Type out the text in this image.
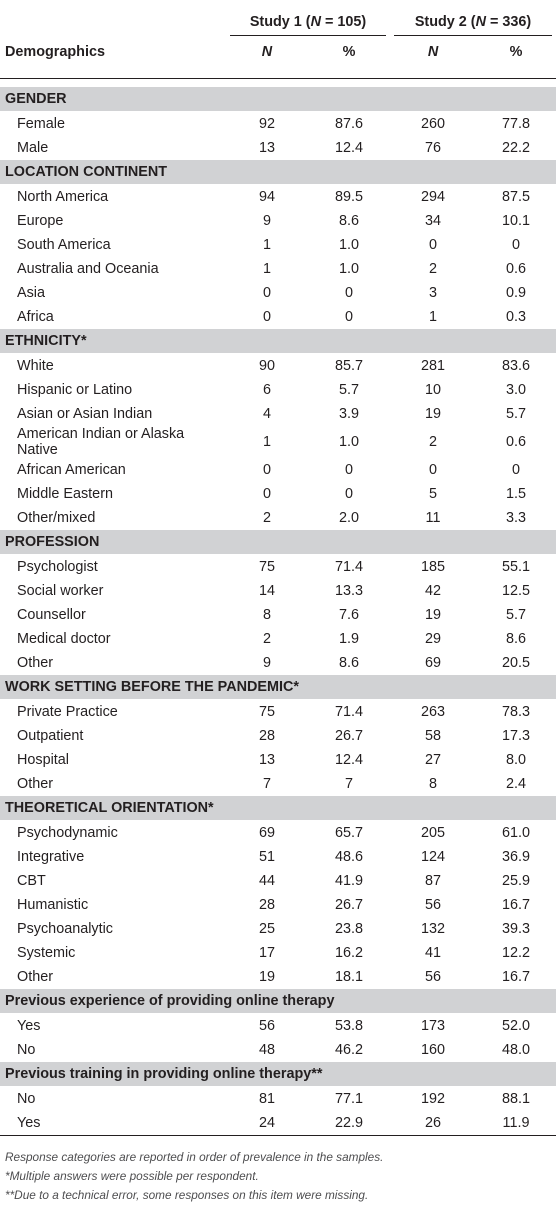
	Study 1 (N = 105)		Study 2 (N = 336)	

Demographics	N	%	N	%

GENDER				
Female	92	87.6	260	77.8
Male	13	12.4	76	22.2
LOCATION CONTINENT				
North America	94	89.5	294	87.5
Europe	9	8.6	34	10.1
South America	1	1.0	0	0
Australia and Oceania	1	1.0	2	0.6
Asia	0	0	3	0.9
Africa	0	0	1	0.3
ETHNICITY*				
White	90	85.7	281	83.6
Hispanic or Latino	6	5.7	10	3.0
Asian or Asian Indian	4	3.9	19	5.7
American Indian or Alaska Native	1	1.0	2	0.6
African American	0	0	0	0
Middle Eastern	0	0	5	1.5
Other/mixed	2	2.0	11	3.3
PROFESSION				
Psychologist	75	71.4	185	55.1
Social worker	14	13.3	42	12.5
Counsellor	8	7.6	19	5.7
Medical doctor	2	1.9	29	8.6
Other	9	8.6	69	20.5
WORK SETTING BEFORE THE PANDEMIC*				
Private Practice	75	71.4	263	78.3
Outpatient	28	26.7	58	17.3
Hospital	13	12.4	27	8.0
Other	7	7	8	2.4
THEORETICAL ORIENTATION*				
Psychodynamic	69	65.7	205	61.0
Integrative	51	48.6	124	36.9
CBT	44	41.9	87	25.9
Humanistic	28	26.7	56	16.7
Psychoanalytic	25	23.8	132	39.3
Systemic	17	16.2	41	12.2
Other	19	18.1	56	16.7
Previous experience of providing online therapy				
Yes	56	53.8	173	52.0
No	48	46.2	160	48.0
Previous training in providing online therapy**				
No	81	77.1	192	88.1
Yes	24	22.9	26	11.9
Response categories are reported in order of prevalence in the samples.
*Multiple answers were possible per respondent.
**Due to a technical error, some responses on this item were missing.
